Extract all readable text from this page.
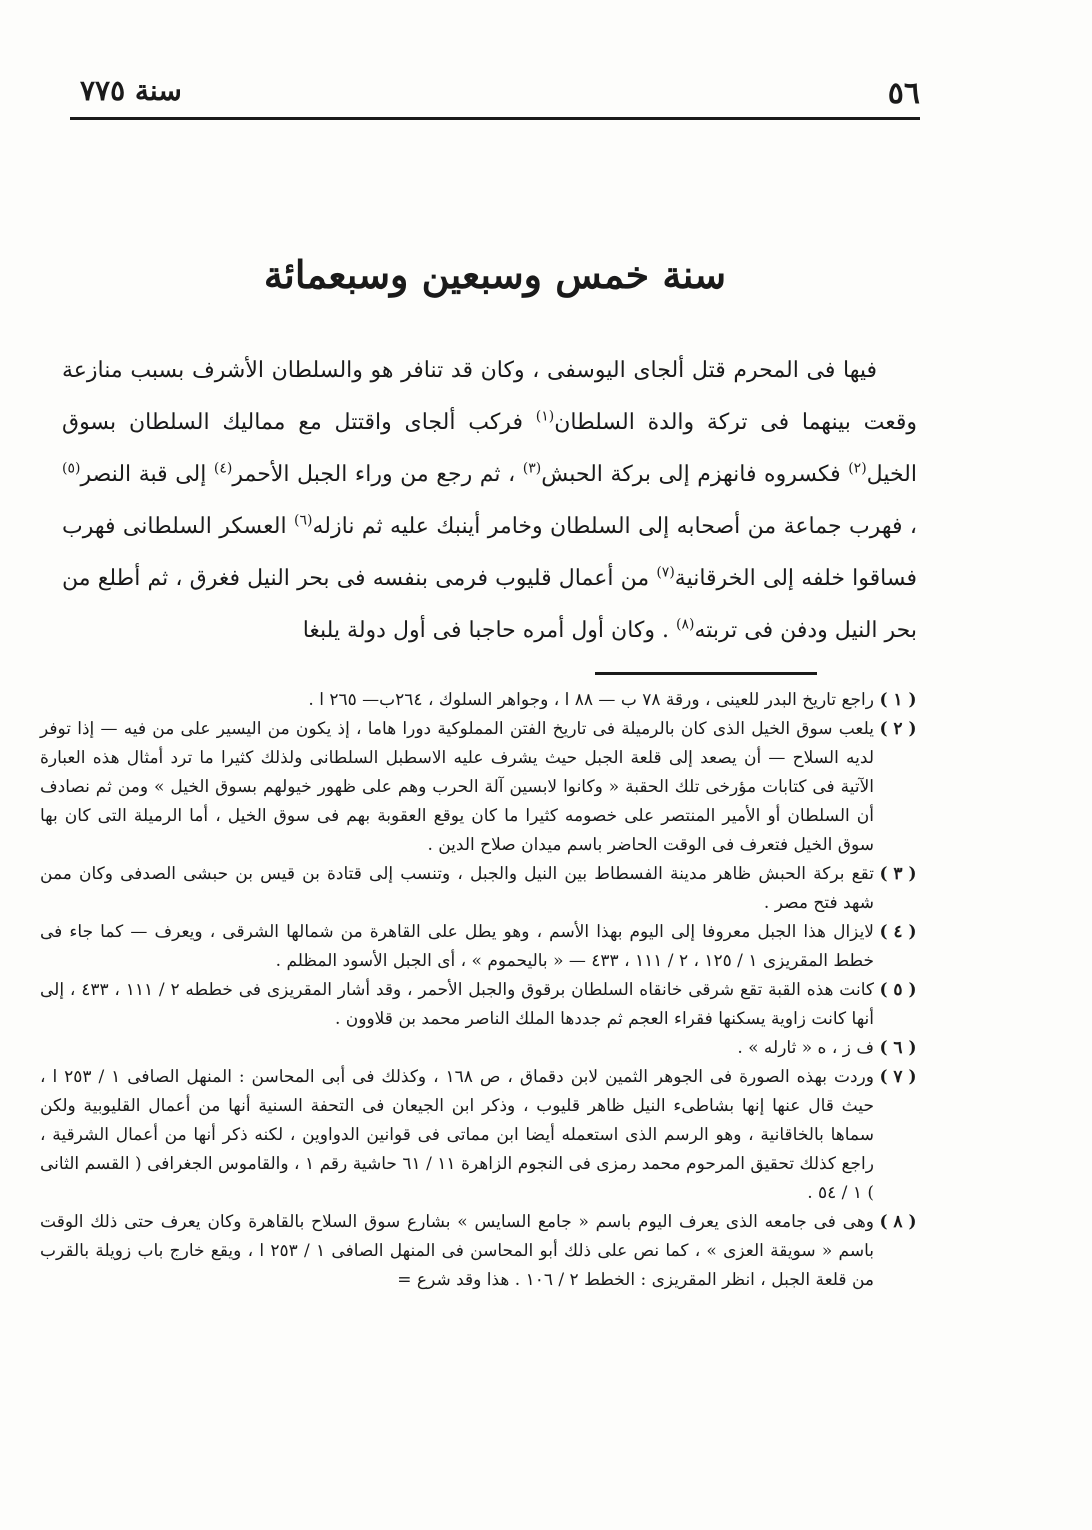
٥٦
سنة ٧٧٥
سنة خمس وسبعين وسبعمائة

فيها فى المحرم قتل ألجاى اليوسفى ، وكان قد تنافر هو والسلطان الأشرف بسبب منازعة وقعت بينهما فى تركة والدة السلطان$^{(١)}$ فركب ألجاى واقتتل مع مماليك السلطان بسوق الخيل$^{(٢)}$ فكسروه فانهزم إلى بركة الحبش$^{(٣)}$ ، ثم رجع من وراء الجبل الأحمر$^{(٤)}$ إلى قبة النصر$^{(٥)}$ ، فهرب جماعة من أصحابه إلى السلطان وخامر أينبك عليه ثم نازله$^{(٦)}$ العسكر السلطانى فهرب فساقوا خلفه إلى الخرقانية$^{(٧)}$ من أعمال قليوب فرمى بنفسه فى بحر النيل فغرق ، ثم أطلع من بحر النيل ودفن فى تربته$^{(٨)}$ . وكان أول أمره حاجبا فى أول دولة يلبغا

( ١ )
راجع تاريخ البدر للعينى ، ورقة ٧٨ ب — ٨٨ ا ، وجواهر السلوك ، ٢٦٤ب— ٢٦٥ ا .
( ٢ )
يلعب سوق الخيل الذى كان بالرميلة فى تاريخ الفتن المملوكية دورا هاما ، إذ يكون من اليسير على من فيه — إذا توفر لديه السلاح — أن يصعد إلى قلعة الجبل حيث يشرف عليه الاسطبل السلطانى ولذلك كثيرا ما ترد أمثال هذه العبارة الآتية فى كتابات مؤرخى تلك الحقبة « وكانوا لابسين آلة الحرب وهم على ظهور خيولهم بسوق الخيل » ومن ثم نصادف أن السلطان أو الأمير المنتصر على خصومه كثيرا ما كان يوقع العقوبة بهم فى سوق الخيل ، أما الرميلة التى كان بها سوق الخيل فتعرف فى الوقت الحاضر باسم ميدان صلاح الدين .
( ٣ )
تقع بركة الحبش ظاهر مدينة الفسطاط بين النيل والجبل ، وتنسب إلى قتادة بن قيس بن حبشى الصدفى وكان ممن شهد فتح مصر .
( ٤ )
لايزال هذا الجبل معروفا إلى اليوم بهذا الأسم ، وهو يطل على القاهرة من شمالها الشرقى ، ويعرف — كما جاء فى خطط المقريزى ١ / ١٢٥ ، ٢ / ١١١ ، ٤٣٣ — « باليحموم » ، أى الجبل الأسود المظلم .
( ٥ )
كانت هذه القبة تقع شرقى خانقاه السلطان برقوق والجبل الأحمر ، وقد أشار المقريزى فى خططه ٢ / ١١١ ، ٤٣٣ ، إلى أنها كانت زاوية يسكنها فقراء العجم ثم جددها الملك الناصر محمد بن قلاوون .
( ٦ )
ف ز ، ه « ثارله » .
( ٧ )
وردت بهذه الصورة فى الجوهر الثمين لابن دقماق ، ص ١٦٨ ، وكذلك فى أبى المحاسن : المنهل الصافى ١ / ٢٥٣ ا ، حيث قال عنها إنها بشاطىء النيل ظاهر قليوب ، وذكر ابن الجيعان فى التحفة السنية أنها من أعمال القليوبية ولكن سماها بالخاقانية ، وهو الرسم الذى استعمله أيضا ابن مماتى فى قوانين الدواوين ، لكنه ذكر أنها من أعمال الشرقية ، راجع كذلك تحقيق المرحوم محمد رمزى فى النجوم الزاهرة ١١ / ٦١ حاشية رقم ١ ، والقاموس الجغرافى ( القسم الثانى ) ١ / ٥٤ .
( ٨ )
وهى فى جامعه الذى يعرف اليوم باسم « جامع السايس » بشارع سوق السلاح بالقاهرة وكان يعرف حتى ذلك الوقت باسم « سويقة العزى » ، كما نص على ذلك أبو المحاسن فى المنهل الصافى ١ / ٢٥٣ ا ، ويقع خارج باب زويلة بالقرب من قلعة الجبل ، انظر المقريزى : الخطط ٢ / ١٠٦ . هذا وقد شرع =
